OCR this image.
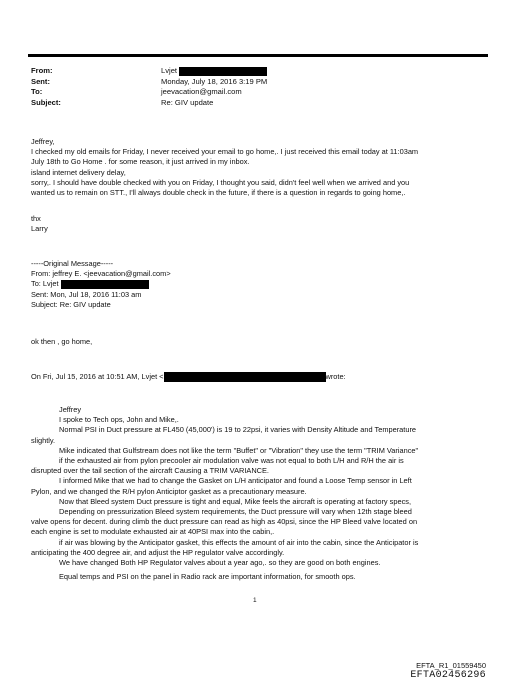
From:	Lvjet
Sent:	Monday, July 18, 2016 3:19 PM
To:	jeevacation@gmail.com
Subject:	Re: GIV update

Jeffrey,

I checked my old emails for Friday, I never received your email to go home,. I just received this email today at 11:03am

July 18th to Go Home . for some reason, it just arrived in my inbox.

island internet delivery delay,

sorry,. I should have double checked with you on Friday, I thought you said, didn't feel well when we arrived and you

wanted us to remain on STT., I'll always double check in the future, if there is a question in regards to going home,.

thx

Larry

-----Original Message-----

From: jeffrey E. <jeevacation@gmail.com>

To: Lvjet

Sent: Mon, Jul 18, 2016 11:03 am

Subject: Re: GIV update

ok then , go home,

On Fri, Jul 15, 2016 at 10:51 AM, Lvjet <	wrote:

Jeffrey

I spoke to Tech ops, John and Mike,.

Normal PSI in Duct pressure at FL450 (45,000') is 19 to 22psi, it varies with Density Altitude and Temperature

slightly.

Mike indicated that Gulfstream does not like the term "Buffet" or "Vibration" they use the term "TRIM Variance"

if the exhausted air from pylon precooler air modulation valve was not equal to both L/H and R/H the air is

disrupted over the tail section of the aircraft Causing a TRIM VARIANCE.

I informed Mike that we had to change the Gasket on L/H anticipator and found a Loose Temp sensor in Left

Pylon, and we changed the R/H pylon Anticiptor gasket as a precautionary measure.

Now that Bleed system Duct pressure is tight and equal, Mike feels the aircraft is operating at factory specs,

Depending on pressurization Bleed system requirements, the Duct pressure will vary when 12th stage bleed

valve opens for decent. during climb the duct pressure can read as high as 40psi, since the HP Bleed valve located on

each engine is set to modulate exhausted air at 40PSI max into the cabin,.

if air was blowing by the Anticipator gasket, this effects the amount of air into the cabin, since the Anticipator is

anticipating the 400 degree air, and adjust the HP regulator valve accordingly.

We have changed Both HP Regulator valves about a year ago,. so they are good on both engines.

Equal temps and PSI on the panel in Radio rack are important information, for smooth ops.

1
EFTA_R1_01559450
EFTA02456296
